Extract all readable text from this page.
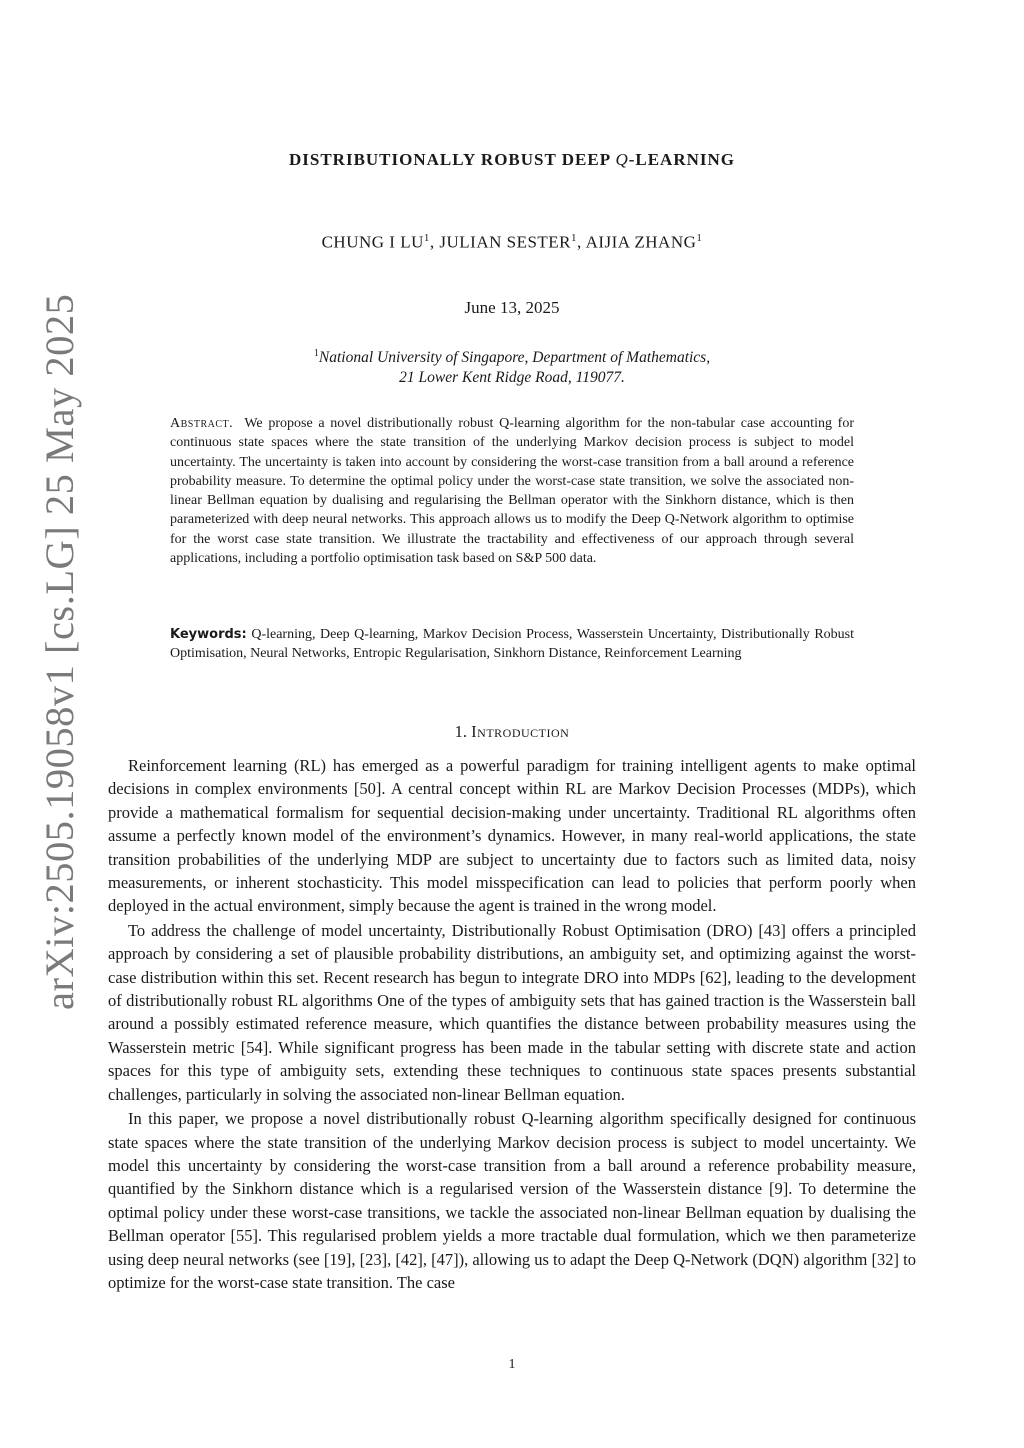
arXiv:2505.19058v1 [cs.LG] 25 May 2025
DISTRIBUTIONALLY ROBUST DEEP Q-LEARNING
CHUNG I $LU^1$, JULIAN SESTER$^1$, AIJIA ZHANG$^1$
June 13, 2025
$^1$National University of Singapore, Department of Mathematics,
21 Lower Kent Ridge Road, 119077.
Abstract. We propose a novel distributionally robust Q-learning algorithm for the non-tabular case accounting for continuous state spaces where the state transition of the underlying Markov decision process is subject to model uncertainty. The uncertainty is taken into account by considering the worst-case transition from a ball around a reference probability measure. To determine the optimal policy under the worst-case state transition, we solve the associated non-linear Bellman equation by dualising and regularising the Bellman operator with the Sinkhorn distance, which is then parameterized with deep neural networks. This approach allows us to modify the Deep Q-Network algorithm to optimise for the worst case state transition. We illustrate the tractability and effectiveness of our approach through several applications, including a portfolio optimisation task based on S&P 500 data.
Keywords: Q-learning, Deep Q-learning, Markov Decision Process, Wasserstein Uncertainty, Distributionally Robust Optimisation, Neural Networks, Entropic Regularisation, Sinkhorn Distance, Reinforcement Learning
1. Introduction

Reinforcement learning (RL) has emerged as a powerful paradigm for training intelligent agents to make optimal decisions in complex environments [50]. A central concept within RL are Markov Decision Processes (MDPs), which provide a mathematical formalism for sequential decision-making under uncertainty. Traditional RL algorithms often assume a perfectly known model of the environment’s dynamics. However, in many real-world applications, the state transition probabilities of the underlying MDP are subject to uncertainty due to factors such as limited data, noisy measurements, or inherent stochasticity. This model misspecification can lead to policies that perform poorly when deployed in the actual environment, simply because the agent is trained in the wrong model.

To address the challenge of model uncertainty, Distributionally Robust Optimisation (DRO) [43] offers a principled approach by considering a set of plausible probability distributions, an ambiguity set, and optimizing against the worst-case distribution within this set. Recent research has begun to integrate DRO into MDPs [62], leading to the development of distributionally robust RL algorithms One of the types of ambiguity sets that has gained traction is the Wasserstein ball around a possibly estimated reference measure, which quantifies the distance between probability measures using the Wasserstein metric [54]. While significant progress has been made in the tabular setting with discrete state and action spaces for this type of ambiguity sets, extending these techniques to continuous state spaces presents substantial challenges, particularly in solving the associated non-linear Bellman equation.

In this paper, we propose a novel distributionally robust Q-learning algorithm specifically designed for continuous state spaces where the state transition of the underlying Markov decision process is subject to model uncertainty. We model this uncertainty by considering the worst-case transition from a ball around a reference probability measure, quantified by the Sinkhorn distance which is a regularised version of the Wasserstein distance [9]. To determine the optimal policy under these worst-case transitions, we tackle the associated non-linear Bellman equation by dualising the Bellman operator [55]. This regularised problem yields a more tractable dual formulation, which we then parameterize using deep neural networks (see [19], [23], [42], [47]), allowing us to adapt the Deep Q-Network (DQN) algorithm [32] to optimize for the worst-case state transition. The case

1
